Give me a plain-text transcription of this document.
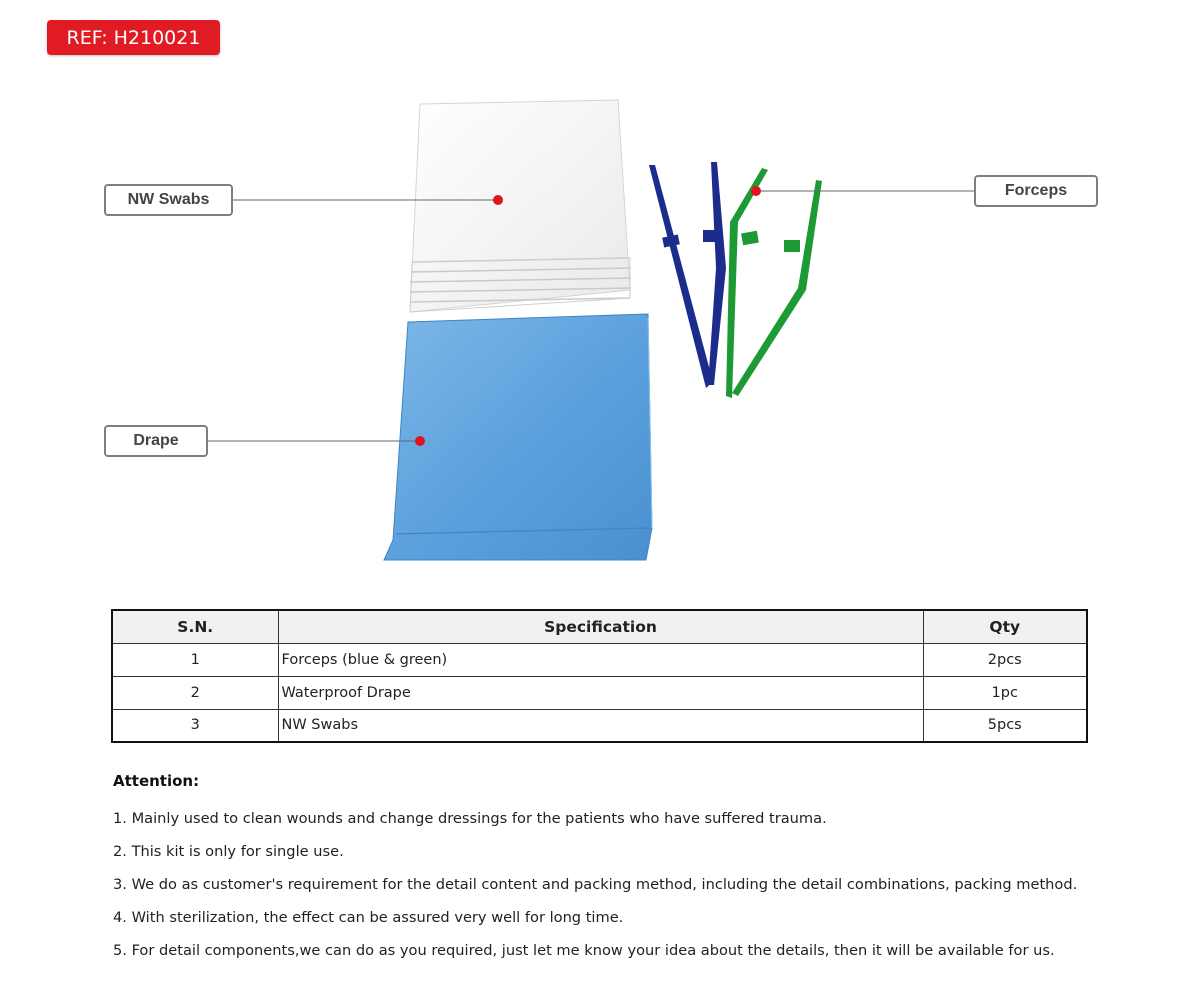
REF: H210021
NW Swabs
Drape
Forceps
S.N.	Specification	Qty
1	Forceps (blue & green)	2pcs
2	Waterproof Drape	1pc
3	NW Swabs	5pcs
Attention:
1. Mainly used to clean wounds and change dressings for the patients who have suffered trauma.
2. This kit is only for single use.
3. We do as customer's requirement for the detail content and packing method, including the detail combinations, packing method.
4. With sterilization, the effect can be assured very well for long time.
5. For detail components,we can do as you required, just let me know your idea about the details, then it will be available for us.
